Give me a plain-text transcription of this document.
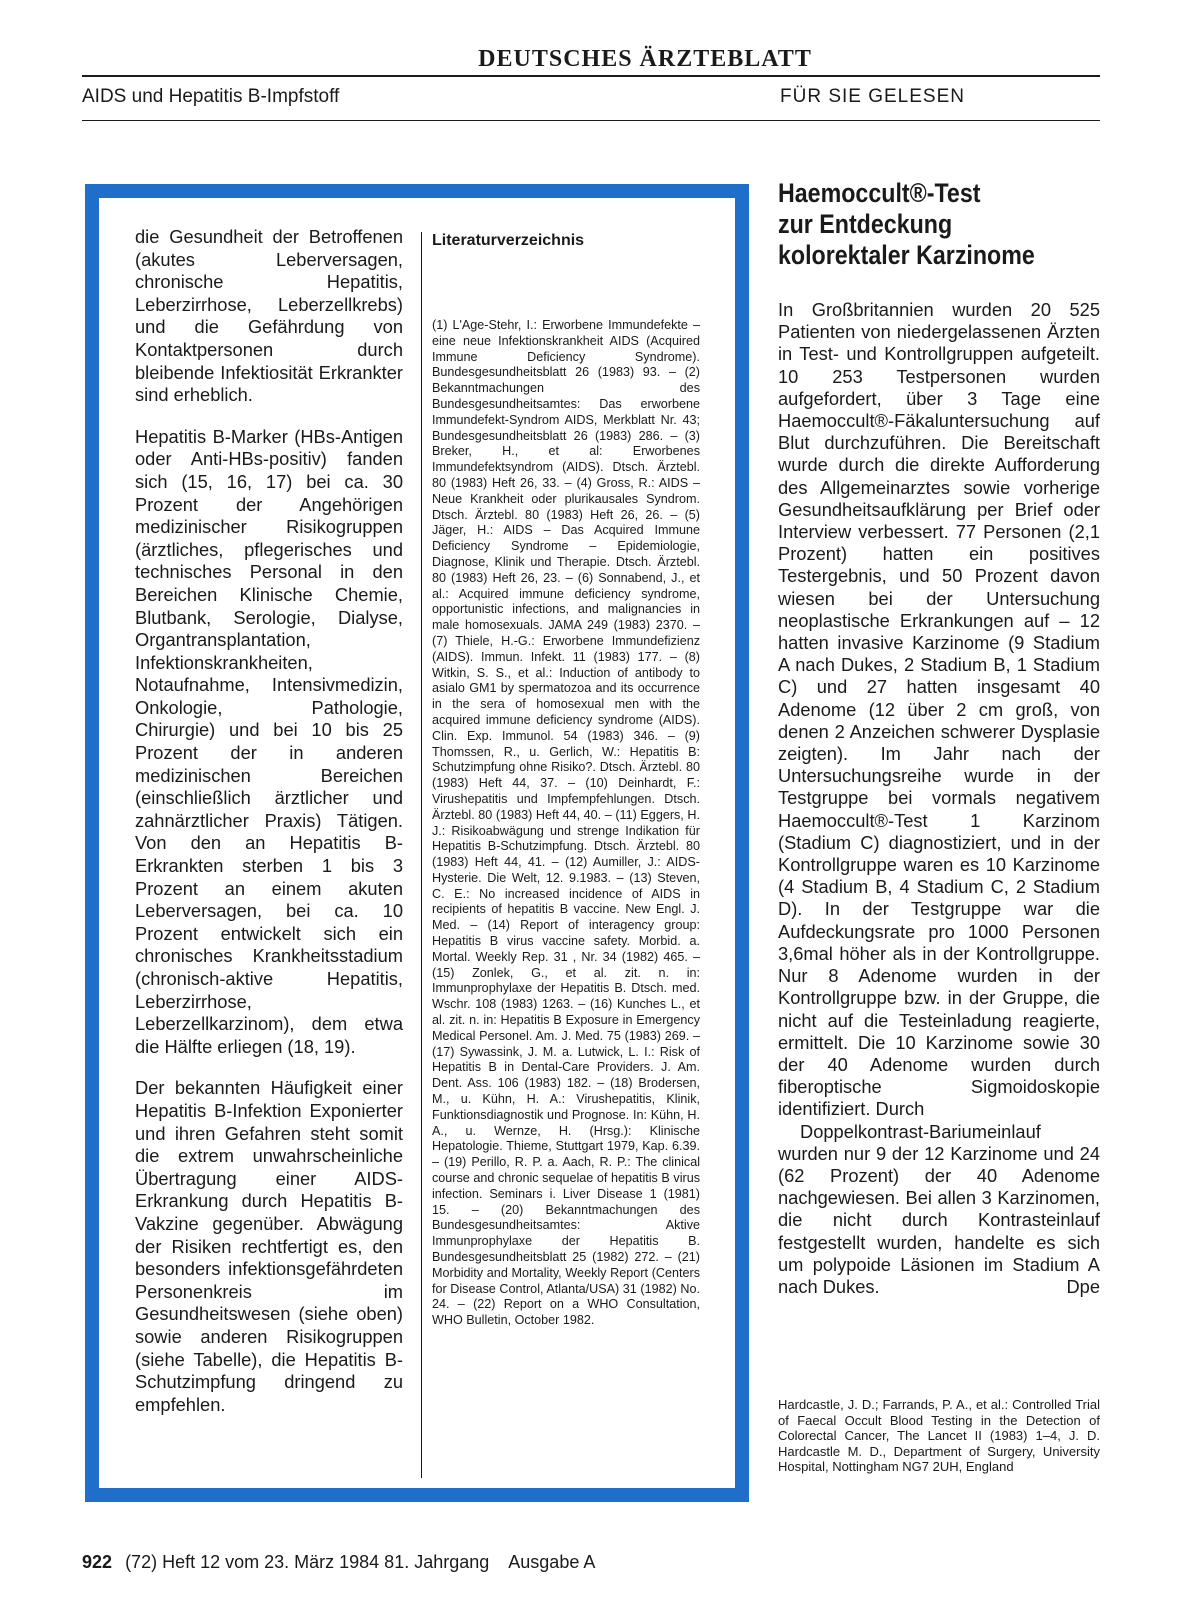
DEUTSCHES ÄRZTEBLATT
AIDS und Hepatitis B-Impfstoff	FÜR SIE GELESEN

die Gesundheit der Betroffenen (akutes Leberversagen, chronische Hepatitis, Leberzirrhose, Leberzellkrebs) und die Gefährdung von Kontaktpersonen durch bleibende Infektiosität Erkrankter sind erheblich.

Hepatitis B-Marker (HBs-Antigen oder Anti-HBs-positiv) fanden sich (15, 16, 17) bei ca. 30 Prozent der Angehörigen medizinischer Risikogruppen (ärztliches, pflegerisches und technisches Personal in den Bereichen Klinische Chemie, Blutbank, Serologie, Dialyse, Organtransplantation, Infektionskrankheiten, Notaufnahme, Intensivmedizin, Onkologie, Pathologie, Chirurgie) und bei 10 bis 25 Prozent der in anderen medizinischen Bereichen (einschließlich ärztlicher und zahnärztlicher Praxis) Tätigen. Von den an Hepatitis B-Erkrankten sterben 1 bis 3 Prozent an einem akuten Leberversagen, bei ca. 10 Prozent entwickelt sich ein chronisches Krankheitsstadium (chronisch-aktive Hepatitis, Leberzirrhose, Leberzellkarzinom), dem etwa die Hälfte erliegen (18, 19).

Der bekannten Häufigkeit einer Hepatitis B-Infektion Exponierter und ihren Gefahren steht somit die extrem unwahrscheinliche Übertragung einer AIDS-Erkrankung durch Hepatitis B-Vakzine gegenüber. Abwägung der Risiken rechtfertigt es, den besonders infektionsgefährdeten Personenkreis im Gesundheitswesen (siehe oben) sowie anderen Risikogruppen (siehe Tabelle), die Hepatitis B-Schutzimpfung dringend zu empfehlen.

Literaturverzeichnis

(1) L'Age-Stehr, I.: Erworbene Immundefekte – eine neue Infektionskrankheit AIDS (Acquired Immune Deficiency Syndrome). Bundesgesundheitsblatt 26 (1983) 93. – (2) Bekanntmachungen des Bundesgesundheitsamtes: Das erworbene Immundefekt-Syndrom AIDS, Merkblatt Nr. 43; Bundesgesundheitsblatt 26 (1983) 286. – (3) Breker, H., et al: Erworbenes Immundefektsyndrom (AIDS). Dtsch. Ärztebl. 80 (1983) Heft 26, 33. – (4) Gross, R.: AIDS – Neue Krankheit oder plurikausales Syndrom. Dtsch. Ärztebl. 80 (1983) Heft 26, 26. – (5) Jäger, H.: AIDS – Das Acquired Immune Deficiency Syndrome – Epidemiologie, Diagnose, Klinik und Therapie. Dtsch. Ärztebl. 80 (1983) Heft 26, 23. – (6) Sonnabend, J., et al.: Acquired immune deficiency syndrome, opportunistic infections, and malignancies in male homosexuals. JAMA 249 (1983) 2370. – (7) Thiele, H.-G.: Erworbene Immundefizienz (AIDS). Immun. Infekt. 11 (1983) 177. – (8) Witkin, S. S., et al.: Induction of antibody to asialo GM1 by spermatozoa and its occurrence in the sera of homosexual men with the acquired immune deficiency syndrome (AIDS). Clin. Exp. Immunol. 54 (1983) 346. – (9) Thomssen, R., u. Gerlich, W.: Hepatitis B: Schutzimpfung ohne Risiko?. Dtsch. Ärztebl. 80 (1983) Heft 44, 37. – (10) Deinhardt, F.: Virushepatitis und Impfempfehlungen. Dtsch. Ärztebl. 80 (1983) Heft 44, 40. – (11) Eggers, H. J.: Risikoabwägung und strenge Indikation für Hepatitis B-Schutzimpfung. Dtsch. Ärztebl. 80 (1983) Heft 44, 41. – (12) Aumiller, J.: AIDS-Hysterie. Die Welt, 12. 9.1983. – (13) Steven, C. E.: No increased incidence of AIDS in recipients of hepatitis B vaccine. New Engl. J. Med. – (14) Report of interagency group: Hepatitis B virus vaccine safety. Morbid. a. Mortal. Weekly Rep. 31 , Nr. 34 (1982) 465. – (15) Zonlek, G., et al. zit. n. in: Immunprophylaxe der Hepatitis B. Dtsch. med. Wschr. 108 (1983) 1263. – (16) Kunches L., et al. zit. n. in: Hepatitis B Exposure in Emergency Medical Personel. Am. J. Med. 75 (1983) 269. – (17) Sywassink, J. M. a. Lutwick, L. I.: Risk of Hepatitis B in Dental-Care Providers. J. Am. Dent. Ass. 106 (1983) 182. – (18) Brodersen, M., u. Kühn, H. A.: Virushepatitis, Klinik, Funktionsdiagnostik und Prognose. In: Kühn, H. A., u. Wernze, H. (Hrsg.): Klinische Hepatologie. Thieme, Stuttgart 1979, Kap. 6.39. – (19) Perillo, R. P. a. Aach, R. P.: The clinical course and chronic sequelae of hepatitis B virus infection. Seminars i. Liver Disease 1 (1981) 15. – (20) Bekanntmachungen des Bundesgesundheitsamtes: Aktive Immunprophylaxe der Hepatitis B. Bundesgesundheitsblatt 25 (1982) 272. – (21) Morbidity and Mortality, Weekly Report (Centers for Disease Control, Atlanta/USA) 31 (1982) No. 24. – (22) Report on a WHO Consultation, WHO Bulletin, October 1982.

Haemoccult®-Test
zur Entdeckung
kolorektaler Karzinome
In Großbritannien wurden 20 525 Patienten von niedergelassenen Ärzten in Test- und Kontrollgruppen aufgeteilt. 10 253 Testpersonen wurden aufgefordert, über 3 Tage eine Haemoccult®-Fäkaluntersuchung auf Blut durchzuführen. Die Bereitschaft wurde durch die direkte Aufforderung des Allgemeinarztes sowie vorherige Gesundheitsaufklärung per Brief oder Interview verbessert. 77 Personen (2,1 Prozent) hatten ein positives Testergebnis, und 50 Prozent davon wiesen bei der Untersuchung neoplastische Erkrankungen auf – 12 hatten invasive Karzinome (9 Stadium A nach Dukes, 2 Stadium B, 1 Stadium C) und 27 hatten insgesamt 40 Adenome (12 über 2 cm groß, von denen 2 Anzeichen schwerer Dysplasie zeigten). Im Jahr nach der Untersuchungsreihe wurde in der Testgruppe bei vormals negativem Haemoccult®-Test 1 Karzinom (Stadium C) diagnostiziert, und in der Kontrollgruppe waren es 10 Karzinome (4 Stadium B, 4 Stadium C, 2 Stadium D). In der Testgruppe war die Aufdeckungsrate pro 1000 Personen 3,6mal höher als in der Kontrollgruppe. Nur 8 Adenome wurden in der Kontrollgruppe bzw. in der Gruppe, die nicht auf die Testeinladung reagierte, ermittelt. Die 10 Karzinome sowie 30 der 40 Adenome wurden durch fiberoptische Sigmoidoskopie identifiziert. Durch
Doppelkontrast-Bariumeinlauf wurden nur 9 der 12 Karzinome und 24 (62 Prozent) der 40 Adenome nachgewiesen. Bei allen 3 Karzinomen, die nicht durch Kontrasteinlauf festgestellt wurden, handelte es sich um polypoide Läsionen im Stadium A nach Dukes.	Dpe

Hardcastle, J. D.; Farrands, P. A., et al.: Controlled Trial of Faecal Occult Blood Testing in the Detection of Colorectal Cancer, The Lancet II (1983) 1–4, J. D. Hardcastle M. D., Department of Surgery, University Hospital, Nottingham NG7 2UH, England

922 (72) Heft 12 vom 23. März 1984 81. Jahrgang Ausgabe A
